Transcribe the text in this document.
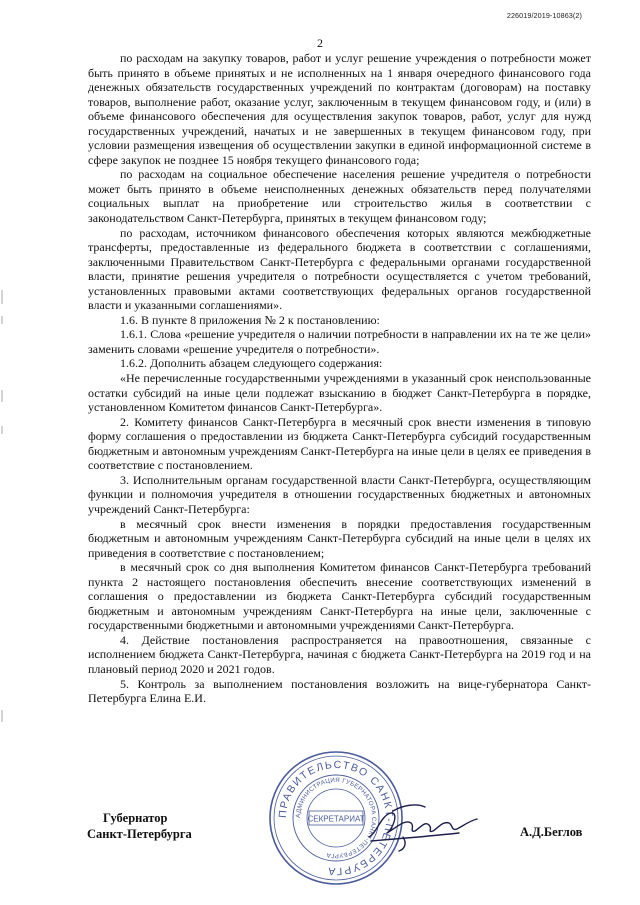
226019/2019-10863(2)
2

по расходам на закупку товаров, работ и услуг решение учреждения о потребности может быть принято в объеме принятых и не исполненных на 1 января очередного финансового года денежных обязательств государственных учреждений по контрактам (договорам) на поставку товаров, выполнение работ, оказание услуг, заключенным в текущем финансовом году, и (или) в объеме финансового обеспечения для осуществления закупок товаров, работ, услуг для нужд государственных учреждений, начатых и не завершенных в текущем финансовом году, при условии размещения извещения об осуществлении закупки в единой информационной системе в сфере закупок не позднее 15 ноября текущего финансового года;

по расходам на социальное обеспечение населения решение учредителя о потребности может быть принято в объеме неисполненных денежных обязательств перед получателями социальных выплат на приобретение или строительство жилья в соответствии с законодательством Санкт-Петербурга, принятых в текущем финансовом году;

по расходам, источником финансового обеспечения которых являются межбюджетные трансферты, предоставленные из федерального бюджета в соответствии с соглашениями, заключенными Правительством Санкт-Петербурга с федеральными органами государственной власти, принятие решения учредителя о потребности осуществляется с учетом требований, установленных правовыми актами соответствующих федеральных органов государственной власти и указанными соглашениями».

1.6. В пункте 8 приложения № 2 к постановлению:

1.6.1. Слова «решение учредителя о наличии потребности в направлении их на те же цели» заменить словами «решение учредителя о потребности».

1.6.2. Дополнить абзацем следующего содержания:

«Не перечисленные государственными учреждениями в указанный срок неиспользованные остатки субсидий на иные цели подлежат взысканию в бюджет Санкт-Петербурга в порядке, установленном Комитетом финансов Санкт-Петербурга».

2. Комитету финансов Санкт-Петербурга в месячный срок внести изменения в типовую форму соглашения о предоставлении из бюджета Санкт-Петербурга субсидий государственным бюджетным и автономным учреждениям Санкт-Петербурга на иные цели в целях ее приведения в соответствие с постановлением.

3. Исполнительным органам государственной власти Санкт-Петербурга, осуществляющим функции и полномочия учредителя в отношении государственных бюджетных и автономных учреждений Санкт-Петербурга:

в месячный срок внести изменения в порядки предоставления государственным бюджетным и автономным учреждениям Санкт-Петербурга субсидий на иные цели в целях их приведения в соответствие с постановлением;

в месячный срок со дня выполнения Комитетом финансов Санкт-Петербурга требований пункта 2 настоящего постановления обеспечить внесение соответствующих изменений в соглашения о предоставлении из бюджета Санкт-Петербурга субсидий государственным бюджетным и автономным учреждениям Санкт-Петербурга на иные цели, заключенные с государственными бюджетными и автономными учреждениями Санкт-Петербурга.

4. Действие постановления распространяется на правоотношения, связанные с исполнением бюджета Санкт-Петербурга, начиная с бюджета Санкт-Петербурга на 2019 год и на плановый период 2020 и 2021 годов.

5. Контроль за выполнением постановления возложить на вице-губернатора Санкт-Петербурга Елина Е.И.

Губернатор
Санкт-Петербурга
ПРАВИТЕЛЬСТВО САНКТ-ПЕТЕРБУРГА
АДМИНИСТРАЦИЯ ГУБЕРНАТОРА САНКТ-ПЕТЕРБУРГА
СЕКРЕТАРИАТ
А.Д.Беглов
